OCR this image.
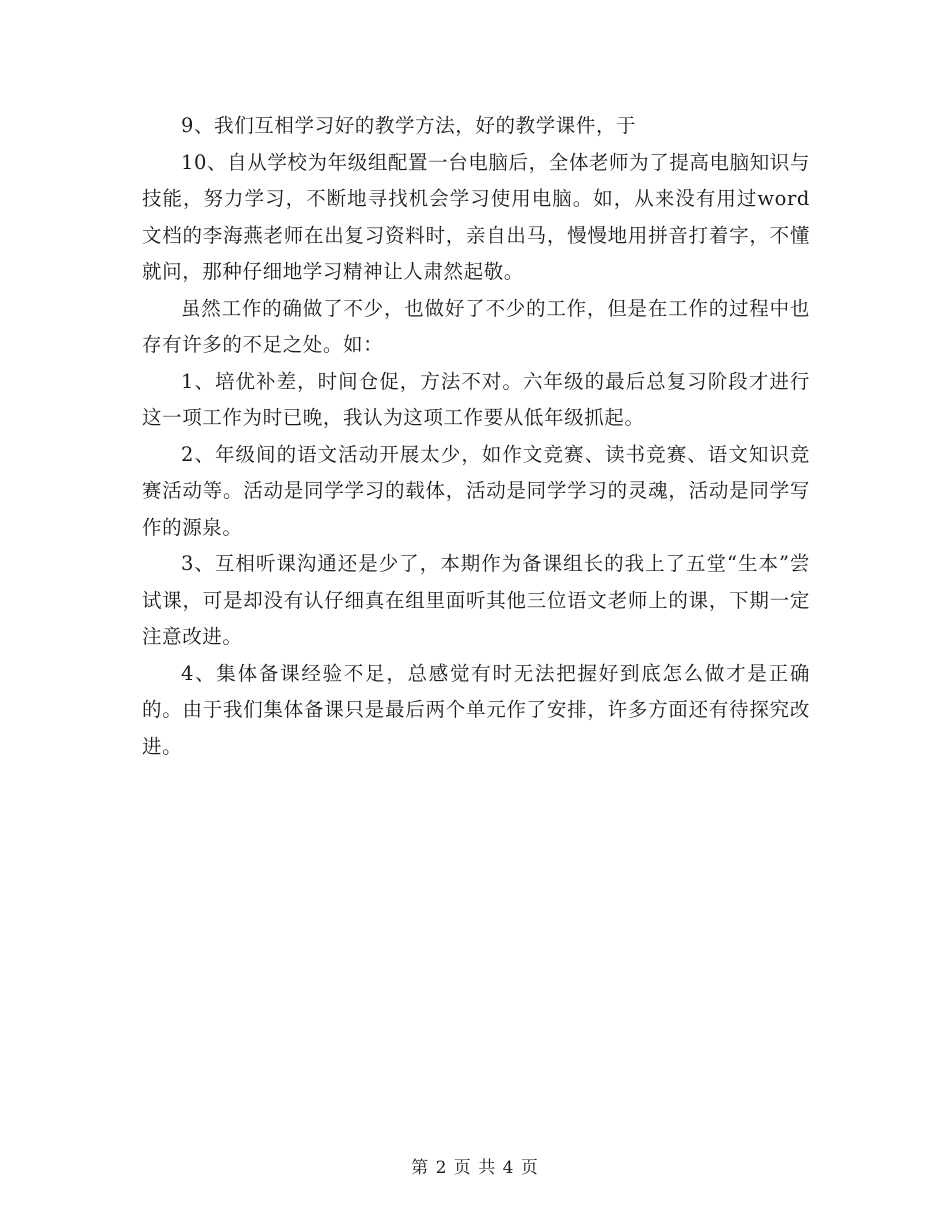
9、我们互相学习好的教学方法，好的教学课件，于

10、自从学校为年级组配置一台电脑后，全体老师为了提高电脑知识与技能，努力学习，不断地寻找机会学习使用电脑。如，从来没有用过word文档的李海燕老师在出复习资料时，亲自出马，慢慢地用拼音打着字，不懂就问，那种仔细地学习精神让人肃然起敬。

虽然工作的确做了不少，也做好了不少的工作，但是在工作的过程中也存有许多的不足之处。如：

1、培优补差，时间仓促，方法不对。六年级的最后总复习阶段才进行这一项工作为时已晚，我认为这项工作要从低年级抓起。

2、年级间的语文活动开展太少，如作文竞赛、读书竞赛、语文知识竞赛活动等。活动是同学学习的载体，活动是同学学习的灵魂，活动是同学写作的源泉。

3、互相听课沟通还是少了，本期作为备课组长的我上了五堂“生本”尝试课，可是却没有认仔细真在组里面听其他三位语文老师上的课，下期一定注意改进。

4、集体备课经验不足，总感觉有时无法把握好到底怎么做才是正确的。由于我们集体备课只是最后两个单元作了安排，许多方面还有待探究改进。

第 2 页 共 4 页
